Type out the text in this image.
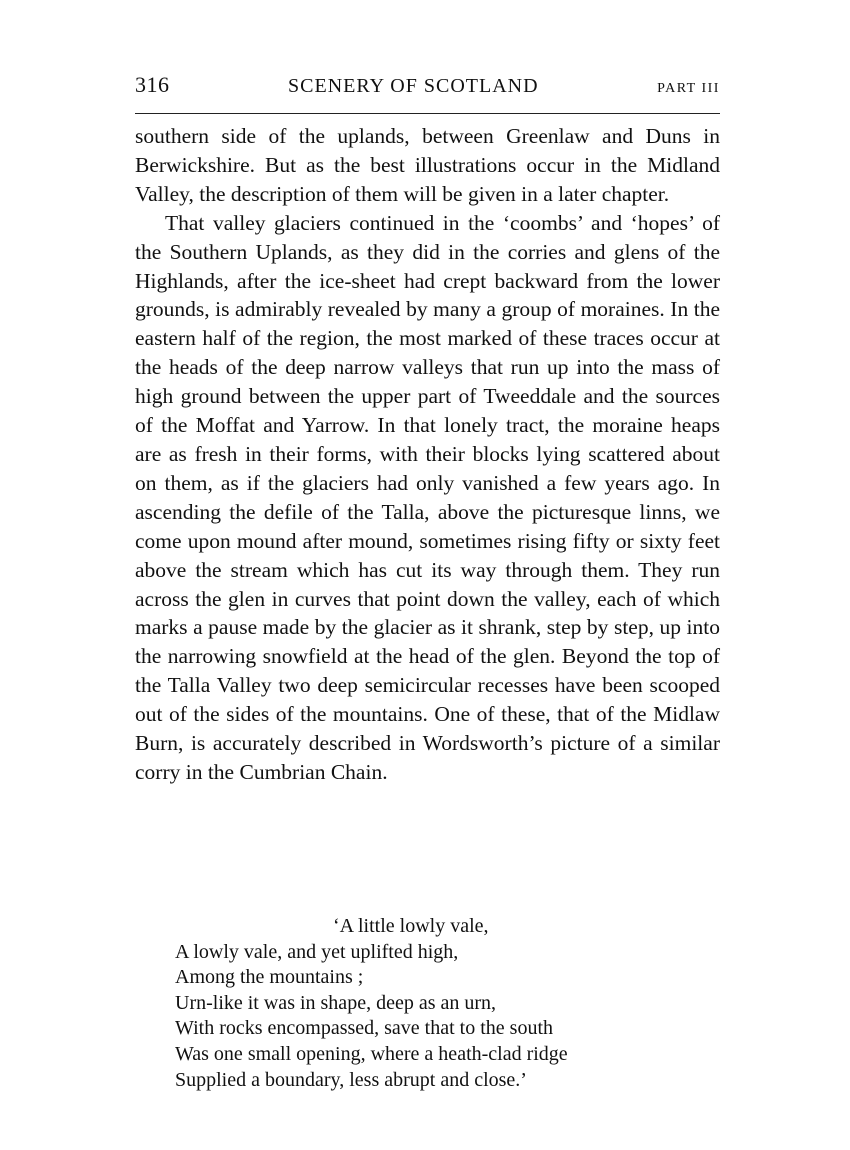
316	SCENERY OF SCOTLAND	PART III

southern side of the uplands, between Greenlaw and Duns in Berwickshire. But as the best illustrations occur in the Midland Valley, the description of them will be given in a later chapter.

That valley glaciers continued in the ‘coombs’ and ‘hopes’ of the Southern Uplands, as they did in the corries and glens of the Highlands, after the ice-sheet had crept backward from the lower grounds, is admirably revealed by many a group of moraines. In the eastern half of the region, the most marked of these traces occur at the heads of the deep narrow valleys that run up into the mass of high ground between the upper part of Tweeddale and the sources of the Moffat and Yarrow. In that lonely tract, the moraine heaps are as fresh in their forms, with their blocks lying scattered about on them, as if the glaciers had only vanished a few years ago. In ascending the defile of the Talla, above the picturesque linns, we come upon mound after mound, sometimes rising fifty or sixty feet above the stream which has cut its way through them. They run across the glen in curves that point down the valley, each of which marks a pause made by the glacier as it shrank, step by step, up into the narrowing snowfield at the head of the glen. Beyond the top of the Talla Valley two deep semicircular recesses have been scooped out of the sides of the mountains. One of these, that of the Midlaw Burn, is accurately described in Wordsworth’s picture of a similar corry in the Cumbrian Chain.

‘A little lowly vale,
A lowly vale, and yet uplifted high,
Among the mountains ;
Urn-like it was in shape, deep as an urn,
With rocks encompassed, save that to the south
Was one small opening, where a heath-clad ridge
Supplied a boundary, less abrupt and close.’
